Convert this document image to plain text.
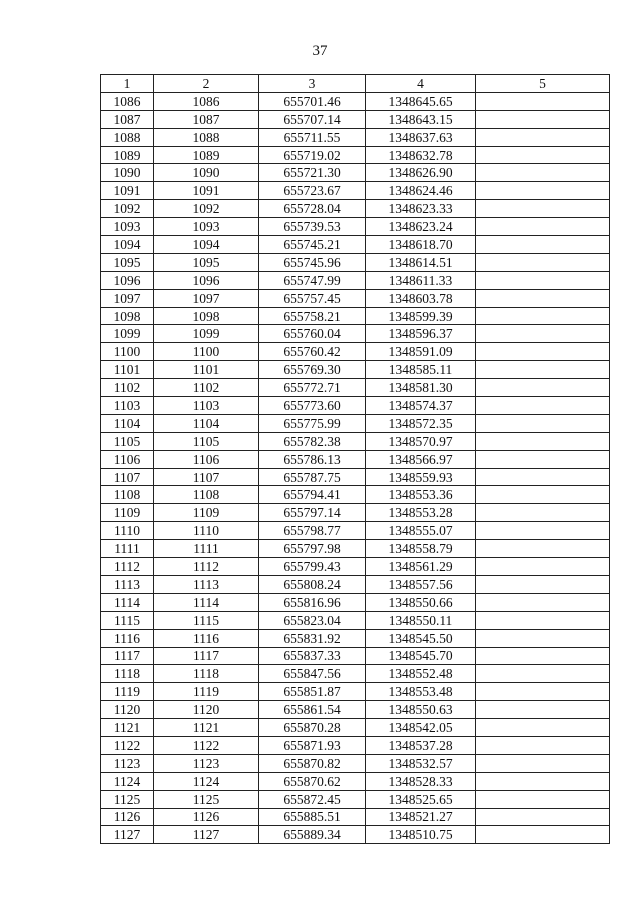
37
1	2	3	4	5
1086	1086	655701.46	1348645.65	
1087	1087	655707.14	1348643.15	
1088	1088	655711.55	1348637.63	
1089	1089	655719.02	1348632.78	
1090	1090	655721.30	1348626.90	
1091	1091	655723.67	1348624.46	
1092	1092	655728.04	1348623.33	
1093	1093	655739.53	1348623.24	
1094	1094	655745.21	1348618.70	
1095	1095	655745.96	1348614.51	
1096	1096	655747.99	1348611.33	
1097	1097	655757.45	1348603.78	
1098	1098	655758.21	1348599.39	
1099	1099	655760.04	1348596.37	
1100	1100	655760.42	1348591.09	
1101	1101	655769.30	1348585.11	
1102	1102	655772.71	1348581.30	
1103	1103	655773.60	1348574.37	
1104	1104	655775.99	1348572.35	
1105	1105	655782.38	1348570.97	
1106	1106	655786.13	1348566.97	
1107	1107	655787.75	1348559.93	
1108	1108	655794.41	1348553.36	
1109	1109	655797.14	1348553.28	
1110	1110	655798.77	1348555.07	
1111	1111	655797.98	1348558.79	
1112	1112	655799.43	1348561.29	
1113	1113	655808.24	1348557.56	
1114	1114	655816.96	1348550.66	
1115	1115	655823.04	1348550.11	
1116	1116	655831.92	1348545.50	
1117	1117	655837.33	1348545.70	
1118	1118	655847.56	1348552.48	
1119	1119	655851.87	1348553.48	
1120	1120	655861.54	1348550.63	
1121	1121	655870.28	1348542.05	
1122	1122	655871.93	1348537.28	
1123	1123	655870.82	1348532.57	
1124	1124	655870.62	1348528.33	
1125	1125	655872.45	1348525.65	
1126	1126	655885.51	1348521.27	
1127	1127	655889.34	1348510.75	
